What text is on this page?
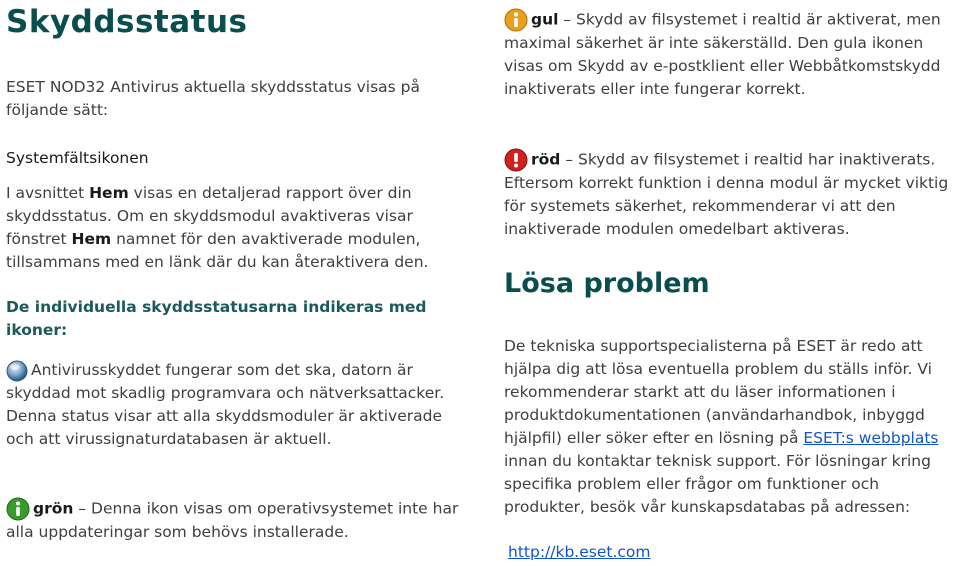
Skyddsstatus

ESET NOD32 Antivirus aktuella skyddsstatus visas på följande sätt:

Systemfältsikonen

I avsnittet Hem visas en detaljerad rapport över din skyddsstatus. Om en skyddsmodul avaktiveras visar fönstret Hem namnet för den avaktiverade modulen, tillsammans med en länk där du kan återaktivera den.

De individuella skyddsstatusarna indikeras med ikoner:

Antivirusskyddet fungerar som det ska, datorn är skyddad mot skadlig programvara och nätverksattacker. Denna status visar att alla skyddsmoduler är aktiverade och att virussignaturdatabasen är aktuell.

grön – Denna ikon visas om operativsystemet inte har alla uppdateringar som behövs installerade.

gul – Skydd av filsystemet i realtid är aktiverat, men maximal säkerhet är inte säkerställd. Den gula ikonen visas om Skydd av e-postklient eller Webbåtkomstskydd inaktiverats eller inte fungerar korrekt.

röd – Skydd av filsystemet i realtid har inaktiverats. Eftersom korrekt funktion i denna modul är mycket viktig för systemets säkerhet, rekommenderar vi att den inaktiverade modulen omedelbart aktiveras.

Lösa problem

De tekniska supportspecialisterna på ESET är redo att hjälpa dig att lösa eventuella problem du ställs inför. Vi rekommenderar starkt att du läser informationen i produktdokumentationen (användarhandbok, inbyggd hjälpfil) eller söker efter en lösning på ESET:s webbplats innan du kontaktar teknisk support. För lösningar kring specifika problem eller frågor om funktioner och produkter, besök vår kunskapsdatabas på adressen:

http://kb.eset.com
